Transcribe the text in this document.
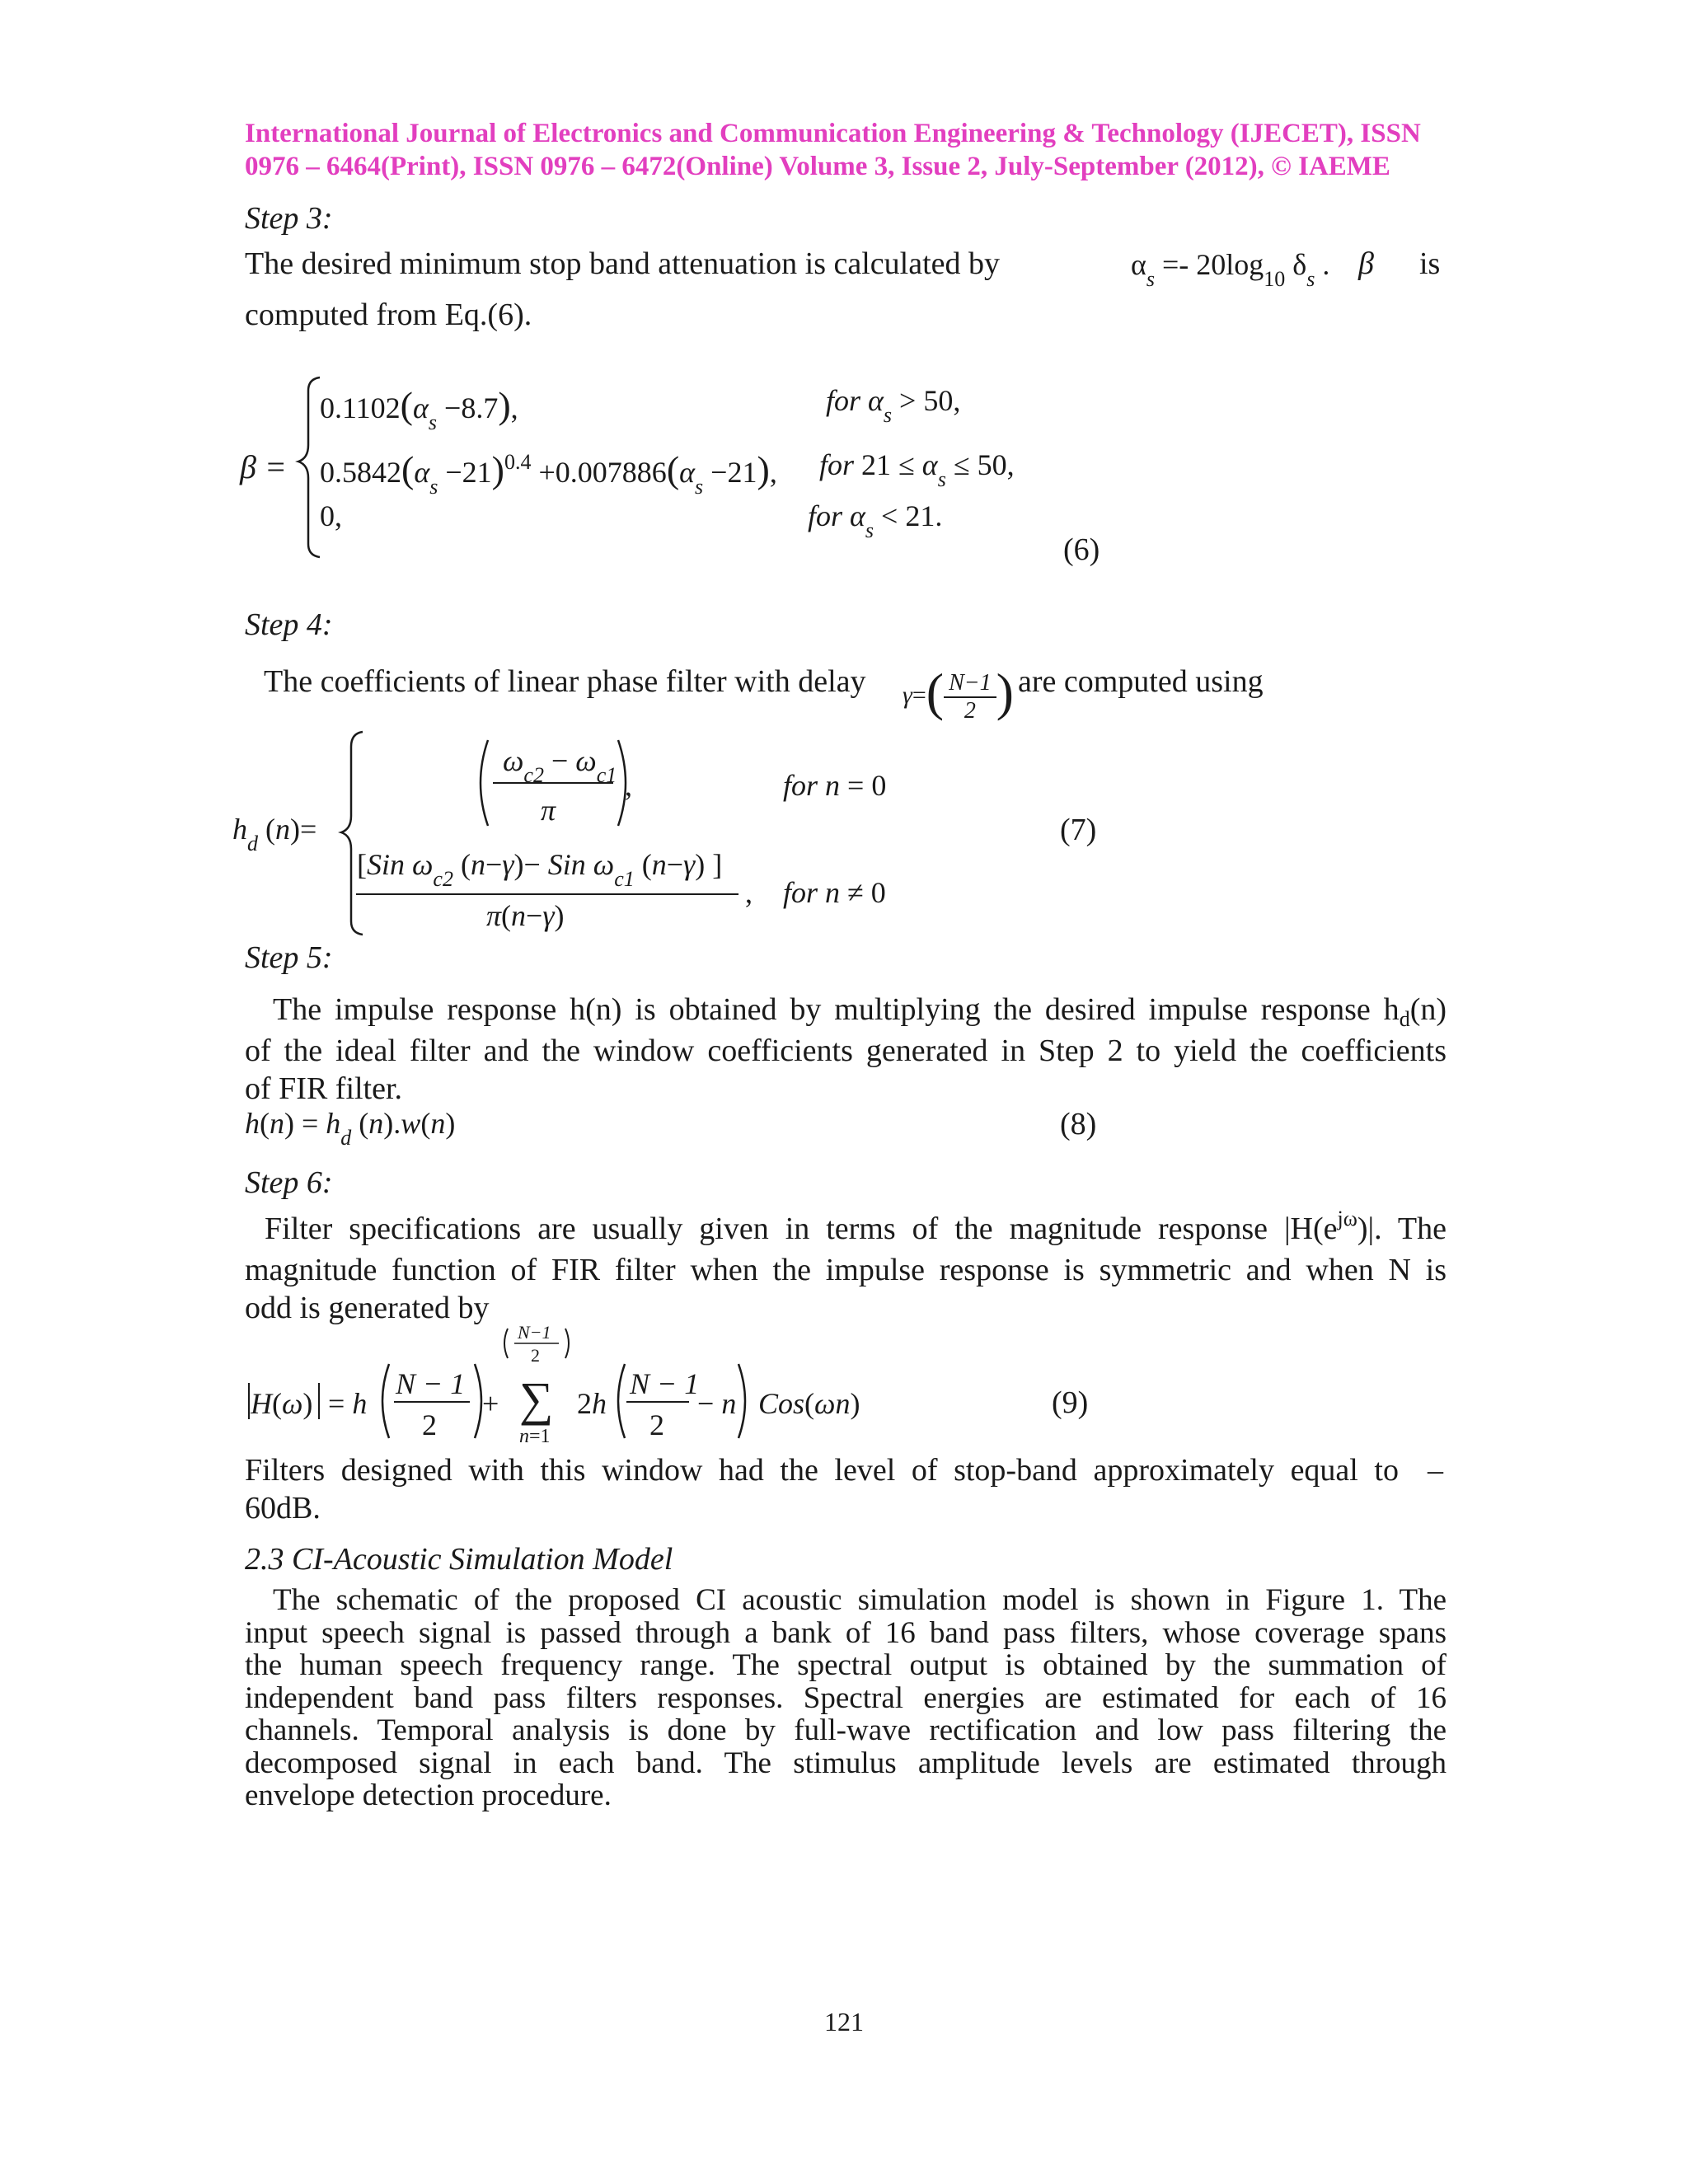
International Journal of Electronics and Communication Engineering & Technology (IJECET), ISSN
0976 – 6464(Print), ISSN 0976 – 6472(Online) Volume 3, Issue 2, July-September (2012), © IAEME
Step 3:
The desired minimum stop band attenuation is calculated by	$\alpha_s =- 20\log_{10}$ $\delta_s$ . β is
computed from Eq.(6).
β =
$0.1102(\alpha_s -8.7)$,	for $\alpha_s > 50$,
$0.5842(\alpha_s -21)^{0.4} +0.007886(\alpha_s -21)$, for $21 \le \alpha_s \le 50$,
0,	for $\alpha_s < 21$.
(6)
Step 4:
The coefficients of linear phase filter with delay $\gamma=( \frac{N-1}{2}$ ) are computed using
$h_d$ (n)=
$\omega_{c2} - \omega_{c1}$
π
,	for n = 0
[Sin $\omega_{c2}$ (n−γ)− Sin $\omega_{c1}$ (n−γ) ]
π(n−γ)
, for n ≠ 0
(7)
Step 5:
The impulse response h(n) is obtained by multiplying the desired impulse response $h_d(n)$
of the ideal filter and the window coefficients generated in Step 2 to yield the coefficients
of FIR filter.
$h(n) = h_d$ (n).w(n)	(8)
Step 6:
Filter specifications are usually given in terms of the magnitude response $|H(e^{j\omega})|$. The
magnitude function of FIR filter when the impulse response is symmetric and when N is
odd is generated by
H(ω) = h
N − 1
2
+
N−1
2
∑
n=1
2h
N − 1
2
− n Cos(ωn)	(9)
Filters designed with this window had the level of stop-band approximately equal to –
60dB.
2.3 CI-Acoustic Simulation Model
The schematic of the proposed CI acoustic simulation model is shown in Figure 1. The
input speech signal is passed through a bank of 16 band pass filters, whose coverage spans
the human speech frequency range. The spectral output is obtained by the summation of
independent band pass filters responses. Spectral energies are estimated for each of 16
channels. Temporal analysis is done by full-wave rectification and low pass filtering the
decomposed signal in each band. The stimulus amplitude levels are estimated through
envelope detection procedure.
121
